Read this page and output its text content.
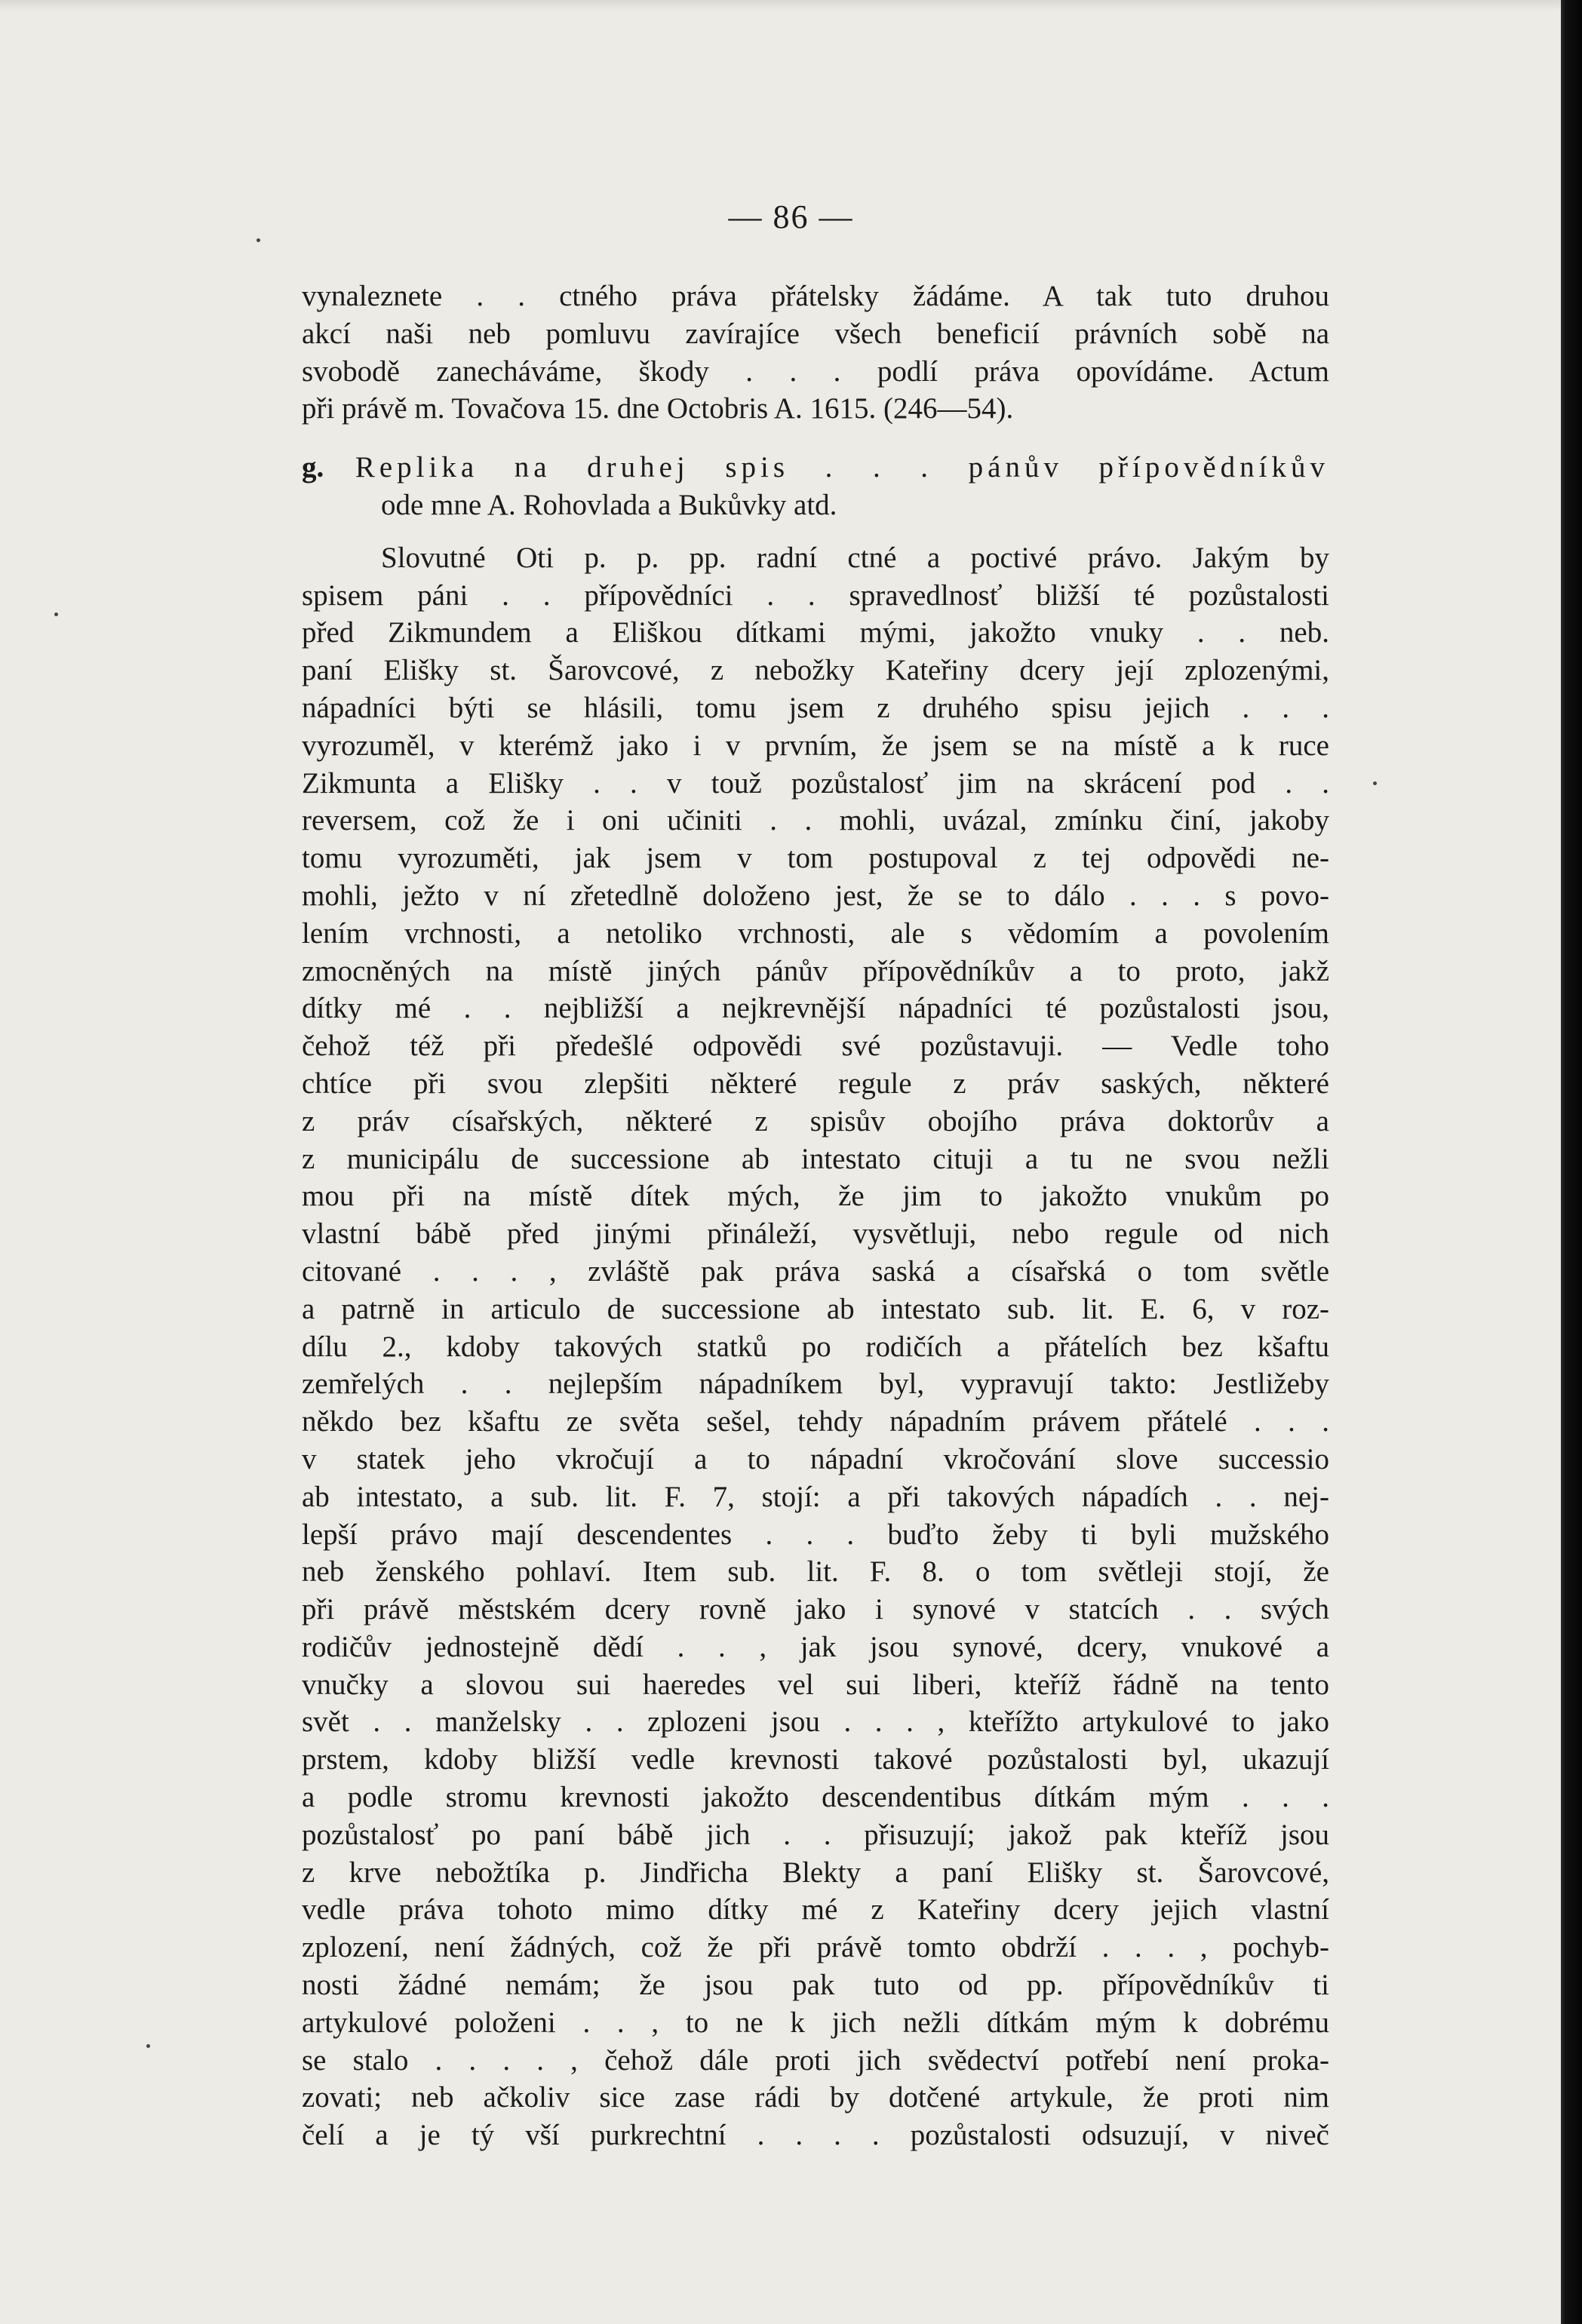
— 86 —
vynaleznete . . ctného práva přátelsky žádáme. A tak tuto druhou
akcí naši neb pomluvu zavírajíce všech beneficií právních sobě na
svobodě zanecháváme, škody . . . podlí práva opovídáme. Actum
při právě m. Tovačova 15. dne Octobris A. 1615. (246—54).
g. Replika na druhej spis . . . pánův přípovědníkův
ode mne A. Rohovlada a Bukůvky atd.
Slovutné Oti p. p. pp. radní ctné a poctivé právo. Jakým by
spisem páni . . přípovědníci . . spravedlnosť bližší té pozůstalosti
před Zikmundem a Eliškou dítkami mými, jakožto vnuky . . neb.
paní Elišky st. Šarovcové, z nebožky Kateřiny dcery její zplozenými,
nápadníci býti se hlásili, tomu jsem z druhého spisu jejich . . .
vyrozuměl, v kterémž jako i v prvním, že jsem se na místě a k ruce
Zikmunta a Elišky . . v touž pozůstalosť jim na skrácení pod . .
reversem, což že i oni učiniti . . mohli, uvázal, zmínku činí, jakoby
tomu vyrozuměti, jak jsem v tom postupoval z tej odpovědi ne-
mohli, ježto v ní zřetedlně doloženo jest, že se to dálo . . . s povo-
lením vrchnosti, a netoliko vrchnosti, ale s vědomím a povolením
zmocněných na místě jiných pánův přípovědníkův a to proto, jakž
dítky mé . . nejbližší a nejkrevnější nápadníci té pozůstalosti jsou,
čehož též při předešlé odpovědi své pozůstavuji. — Vedle toho
chtíce při svou zlepšiti některé regule z práv saských, některé
z práv císařských, některé z spisův obojího práva doktorův a
z municipálu de successione ab intestato cituji a tu ne svou nežli
mou při na místě dítek mých, že jim to jakožto vnukům po
vlastní bábě před jinými přináleží, vysvětluji, nebo regule od nich
citované . . . , zvláště pak práva saská a císařská o tom světle
a patrně in articulo de successione ab intestato sub. lit. E. 6, v roz-
dílu 2., kdoby takových statků po rodičích a přátelích bez kšaftu
zemřelých . . nejlepším nápadníkem byl, vypravují takto: Jestližeby
někdo bez kšaftu ze světa sešel, tehdy nápadním právem přátelé . . .
v statek jeho vkročují a to nápadní vkročování slove successio
ab intestato, a sub. lit. F. 7, stojí: a při takových nápadích . . nej-
lepší právo mají descendentes . . . buďto žeby ti byli mužského
neb ženského pohlaví. Item sub. lit. F. 8. o tom světleji stojí, že
při právě městském dcery rovně jako i synové v statcích . . svých
rodičův jednostejně dědí . . , jak jsou synové, dcery, vnukové a
vnučky a slovou sui haeredes vel sui liberi, kteříž řádně na tento
svět . . manželsky . . zplozeni jsou . . . , kteřížto artykulové to jako
prstem, kdoby bližší vedle krevnosti takové pozůstalosti byl, ukazují
a podle stromu krevnosti jakožto descendentibus dítkám mým . . .
pozůstalosť po paní bábě jich . . přisuzují; jakož pak kteříž jsou
z krve nebožtíka p. Jindřicha Blekty a paní Elišky st. Šarovcové,
vedle práva tohoto mimo dítky mé z Kateřiny dcery jejich vlastní
zplození, není žádných, což že při právě tomto obdrží . . . , pochyb-
nosti žádné nemám; že jsou pak tuto od pp. přípovědníkův ti
artykulové položeni . . , to ne k jich nežli dítkám mým k dobrému
se stalo . . . . , čehož dále proti jich svědectví potřebí není proka-
zovati; neb ačkoliv sice zase rádi by dotčené artykule, že proti nim
čelí a je tý vší purkrechtní . . . . pozůstalosti odsuzují, v niveč
